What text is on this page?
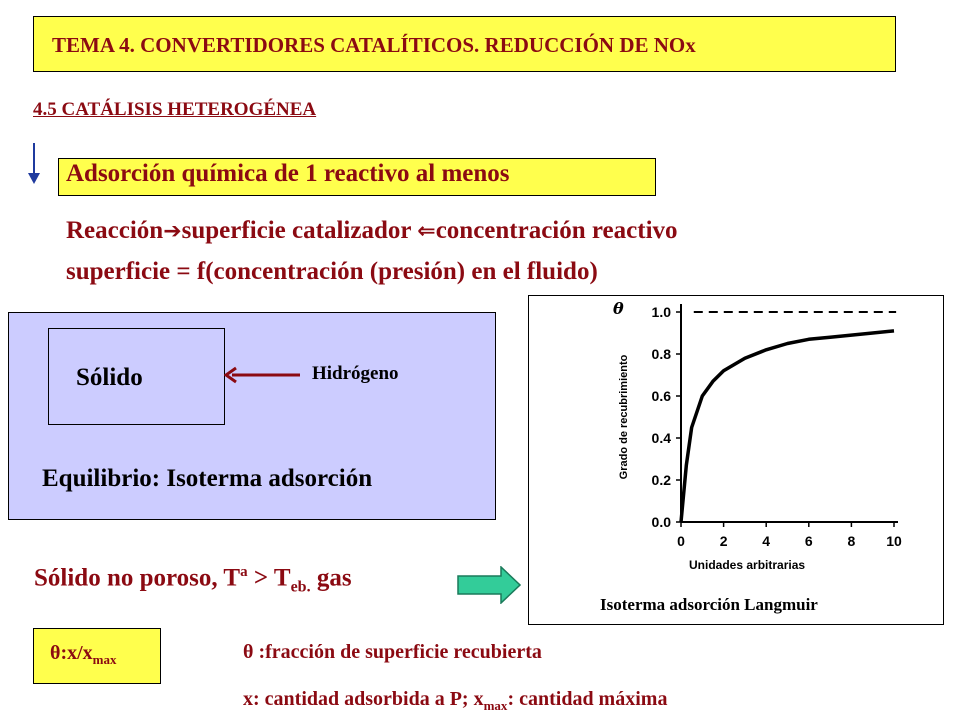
TEMA 4. CONVERTIDORES CATALÍTICOS. REDUCCIÓN DE NOx
4.5 CATÁLISIS HETEROGÉNEA
Adsorción química de 1 reactivo al menos
Reacción➔superficie catalizador ⇐concentración reactivo
superficie = f(concentración (presión) en el fluido)
Sólido	Hidrógeno
Equilibrio: Isoterma adsorción
0.0
0.2
0.4
0.6
0.8
1.0
0 2 4 6 8 10
θ
Grado de recubrimiento
Unidades arbitrarias
Isoterma adsorción Langmuir
Sólido no poroso, $T^a > T_{eb.}$ gas
$\theta:x/x_{max}$	θ :fracción de superficie recubierta
x: cantidad adsorbida a P; $x_{max}$: cantidad máxima
